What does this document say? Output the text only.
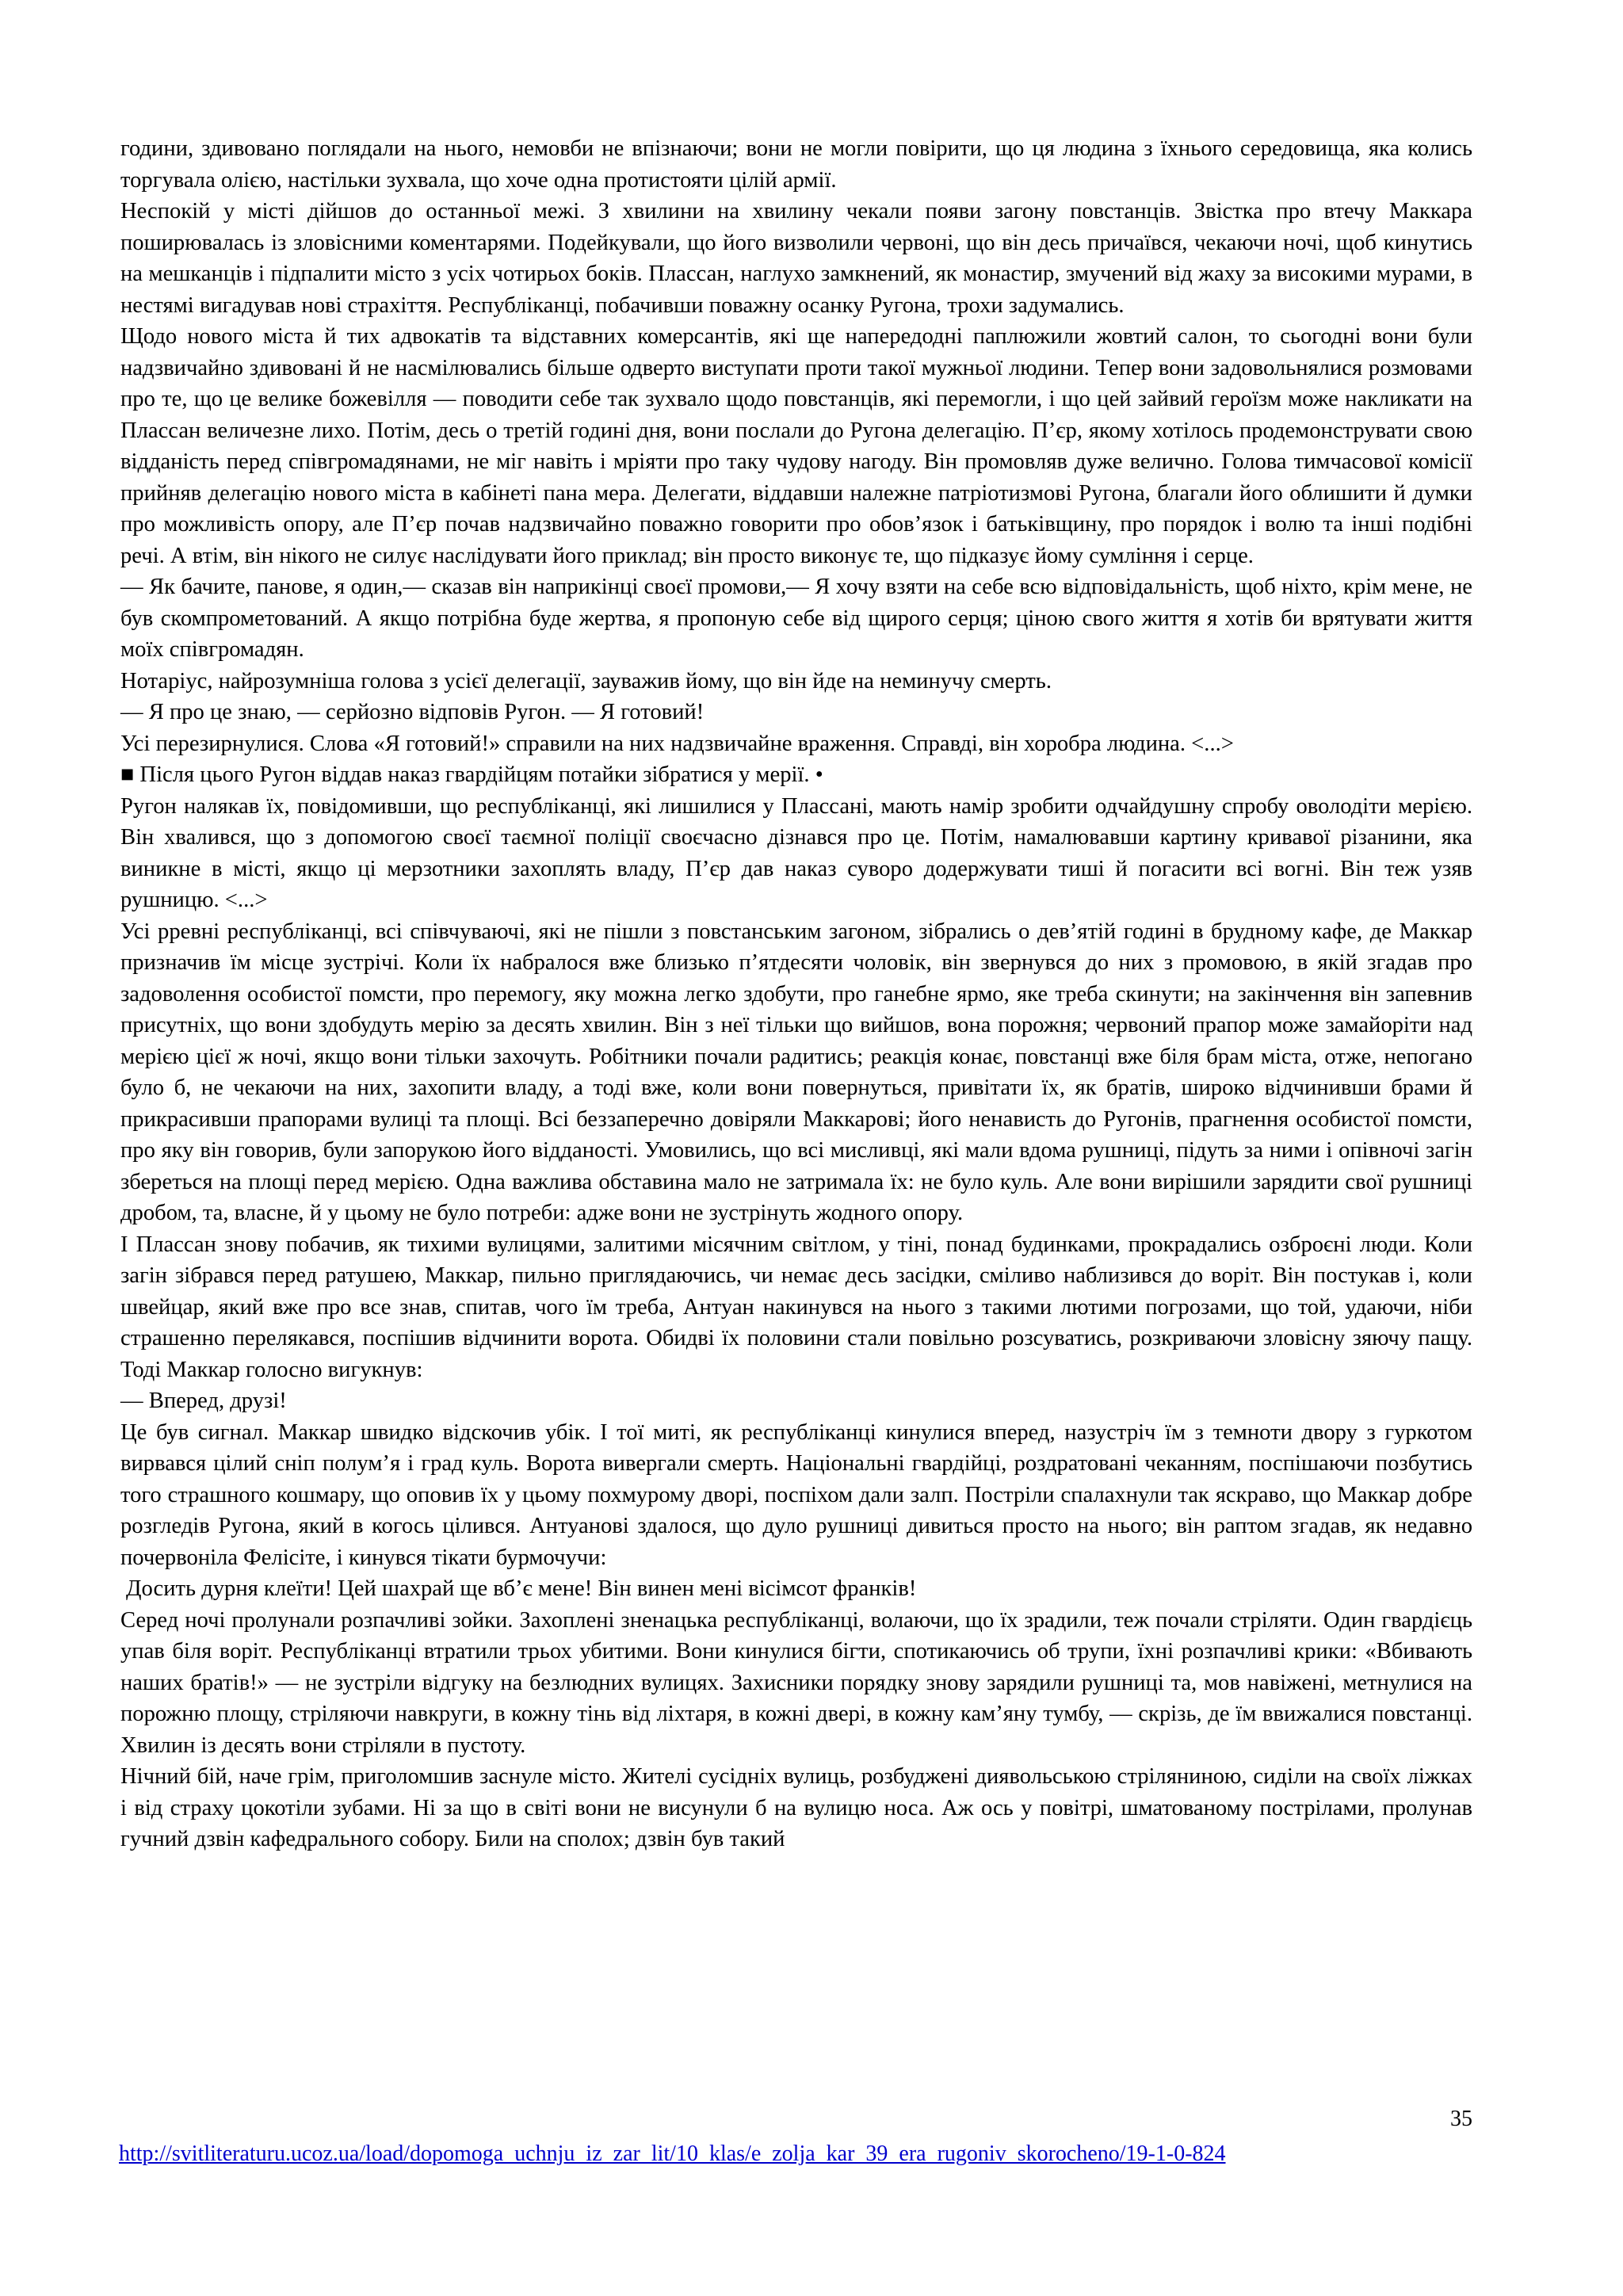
години, здивовано поглядали на нього, немовби не впізнаючи; вони не могли повірити, що ця людина з їхнього середовища, яка колись торгувала олією, настільки зухвала, що хоче одна протистояти цілій армії.

Неспокій у місті дійшов до останньої межі. З хвилини на хвилину чекали появи загону повстанців. Звістка про втечу Маккара поширювалась із зловісними коментарями. Подейкували, що його визволили червоні, що він десь причаївся, чекаючи ночі, щоб кинутись на мешканців і підпалити місто з усіх чотирьох боків. Плассан, наглухо замкнений, як монастир, змучений від жаху за високими мурами, в нестямі вигадував нові страхіття. Республіканці, побачивши поважну осанку Ругона, трохи задумались.

Щодо нового міста й тих адвокатів та відставних комерсантів, які ще напередодні паплюжили жовтий салон, то сьогодні вони були надзвичайно здивовані й не насмілювались більше одверто виступати проти такої мужньої людини. Тепер вони задовольнялися розмовами про те, що це велике божевілля — поводити себе так зухвало щодо повстанців, які перемогли, і що цей зайвий героїзм може накликати на Плассан величезне лихо. Потім, десь о третій годині дня, вони послали до Ругона делегацію. П’єр, якому хотілось продемонструвати свою відданість перед співгромадянами, не міг навіть і мріяти про таку чудову нагоду. Він промовляв дуже велично. Голова тимчасової комісії прийняв делегацію нового міста в кабінеті пана мера. Делегати, віддавши належне патріотизмові Ругона, благали його облишити й думки про можливість опору, але П’єр почав надзвичайно поважно говорити про обов’язок і батьківщину, про порядок і волю та інші подібні речі. А втім, він нікого не силує наслідувати його приклад; він просто виконує те, що підказує йому сумління і серце.

— Як бачите, панове, я один,— сказав він наприкінці своєї промови,— Я хочу взяти на себе всю відповідальність, щоб ніхто, крім мене, не був скомпрометований. А якщо потрібна буде жертва, я пропоную себе від щирого серця; ціною свого життя я хотів би врятувати життя моїх співгромадян.

Нотаріус, найрозумніша голова з усієї делегації, зауважив йому, що він йде на неминучу смерть.

— Я про це знаю, — серйозно відповів Ругон. — Я готовий!

Усі перезирнулися. Слова «Я готовий!» справили на них надзвичайне враження. Справді, він хоробра людина. <...>

■ Після цього Ругон віддав наказ гвардійцям потайки зібратися у мерії. •

Ругон налякав їх, повідомивши, що республіканці, які лишилися у Плассані, мають намір зробити одчайдушну спробу оволодіти мерією. Він хвалився, що з допомогою своєї таємної поліції своєчасно дізнався про це. Потім, намалювавши картину кривавої різанини, яка виникне в місті, якщо ці мерзотники захоплять владу, П’єр дав наказ суворо додержувати тиші й погасити всі вогні. Він теж узяв рушницю. <...>

Усі рревні республіканці, всі співчуваючі, які не пішли з повстанським загоном, зібрались о дев’ятій годині в брудному кафе, де Маккар призначив їм місце зустрічі. Коли їх набралося вже близько п’ятдесяти чоловік, він звернувся до них з промовою, в якій згадав про задоволення особистої помсти, про перемогу, яку можна легко здобути, про ганебне ярмо, яке треба скинути; на закінчення він запевнив присутніх, що вони здобудуть мерію за десять хвилин. Він з неї тільки що вийшов, вона порожня; червоний прапор може замайоріти над мерією цієї ж ночі, якщо вони тільки захочуть. Робітники почали радитись; реакція конає, повстанці вже біля брам міста, отже, непогано було б, не чекаючи на них, захопити владу, а тоді вже, коли вони повернуться, привітати їх, як братів, широко відчинивши брами й прикрасивши прапорами вулиці та площі. Всі беззаперечно довіряли Маккарові; його ненависть до Ругонів, прагнення особистої помсти, про яку він говорив, були запорукою його відданості. Умовились, що всі мисливці, які мали вдома рушниці, підуть за ними і опівночі загін збереться на площі перед мерією. Одна важлива обставина мало не затримала їх: не було куль. Але вони вирішили зарядити свої рушниці дробом, та, власне, й у цьому не було потреби: адже вони не зустрінуть жодного опору.

І Плассан знову побачив, як тихими вулицями, залитими місячним світлом, у тіні, понад будинками, прокрадались озброєні люди. Коли загін зібрався перед ратушею, Маккар, пильно приглядаючись, чи немає десь засідки, сміливо наблизився до воріт. Він постукав і, коли швейцар, який вже про все знав, спитав, чого їм треба, Антуан накинувся на нього з такими лютими погрозами, що той, удаючи, ніби страшенно перелякався, поспішив відчинити ворота. Обидві їх половини стали повільно розсуватись, розкриваючи зловісну зяючу пащу. Тоді Маккар голосно вигукнув:

— Вперед, друзі!

Це був сигнал. Маккар швидко відскочив убік. І тої миті, як республіканці кинулися вперед, назустріч їм з темноти двору з гуркотом вирвався цілий сніп полум’я і град куль. Ворота вивергали смерть. Національні гвардійці, роздратовані чеканням, поспішаючи позбутись того страшного кошмару, що оповив їх у цьому похмурому дворі, поспіхом дали залп. Постріли спалахнули так яскраво, що Маккар добре розгледів Ругона, який в когось цілився. Антуанові здалося, що дуло рушниці дивиться просто на нього; він раптом згадав, як недавно почервоніла Фелісіте, і кинувся тікати бурмочучи:

Досить дурня клеїти! Цей шахрай ще вб’є мене! Він винен мені вісімсот франків!

Серед ночі пролунали розпачливі зойки. Захоплені зненацька республіканці, волаючи, що їх зрадили, теж почали стріляти. Один гвардієць упав біля воріт. Республіканці втратили трьох убитими. Вони кинулися бігти, спотикаючись об трупи, їхні розпачливі крики: «Вбивають наших братів!» — не зустріли відгуку на безлюдних вулицях. Захисники порядку знову зарядили рушниці та, мов навіжені, метнулися на порожню площу, стріляючи навкруги, в кожну тінь від ліхтаря, в кожні двері, в кожну кам’яну тумбу, — скрізь, де їм ввижалися повстанці. Хвилин із десять вони стріляли в пустоту.

Нічний бій, наче грім, приголомшив заснуле місто. Жителі сусідніх вулиць, розбуджені диявольською стріляниною, сиділи на своїх ліжках і від страху цокотіли зубами. Ні за що в світі вони не висунули б на вулицю носа. Аж ось у повітрі, шматованому пострілами, пролунав гучний дзвін кафедрального собору. Били на сполох; дзвін був такий

35
http://svitliteraturu.ucoz.ua/load/dopomoga_uchnju_iz_zar_lit/10_klas/e_zolja_kar_39_era_rugoniv_skorocheno/19-1-0-824
